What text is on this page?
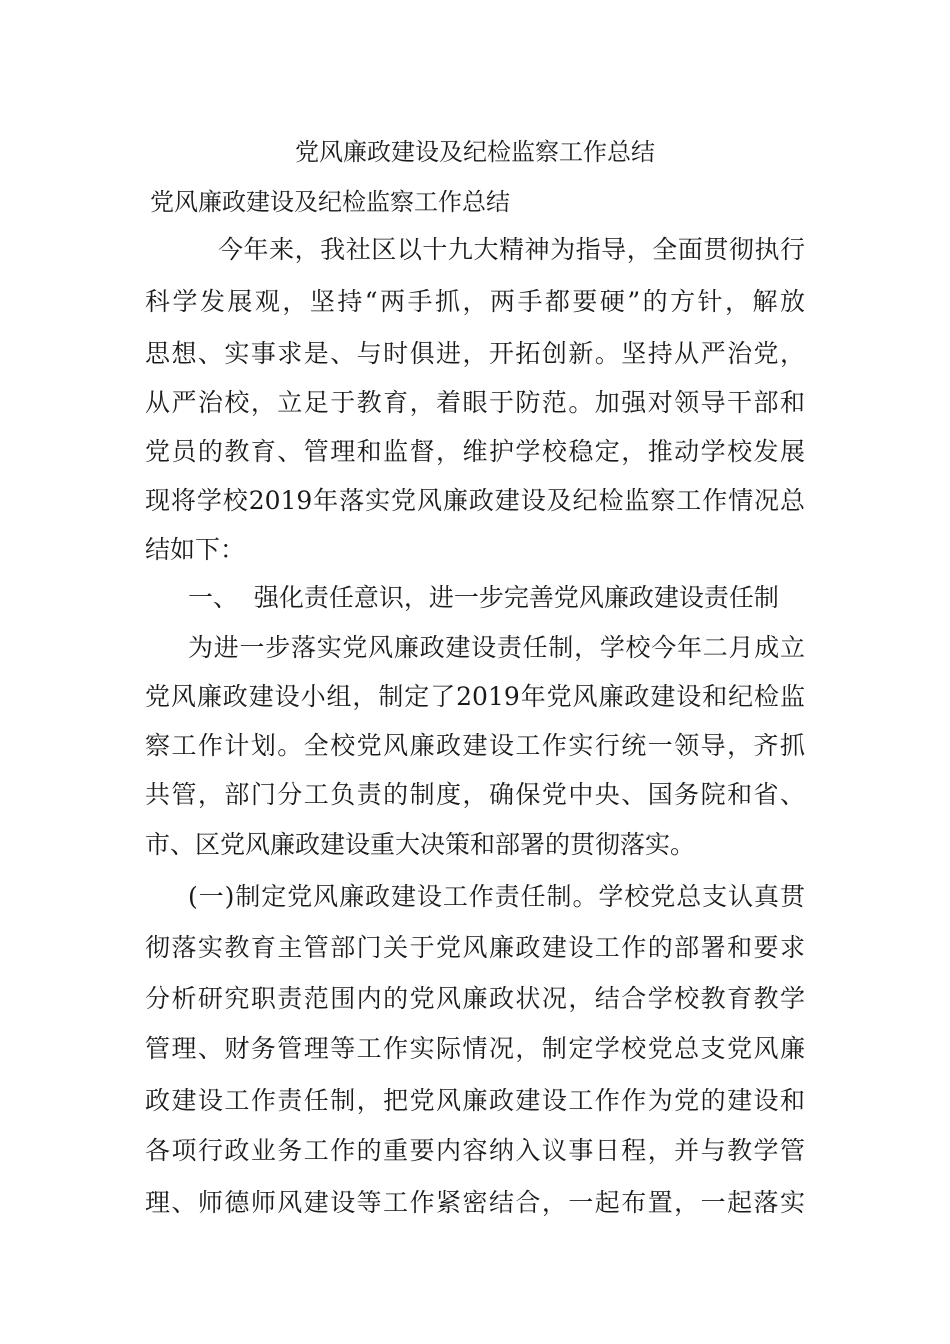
党风廉政建设及纪检监察工作总结
党风廉政建设及纪检监察工作总结
今年来，我社区以十九大精神为指导，全面贯彻执行
科学发展观，坚持“两手抓，两手都要硬”的方针，解放
思想、实事求是、与时俱进，开拓创新。坚持从严治党，
从严治校，立足于教育，着眼于防范。加强对领导干部和
党员的教育、管理和监督，维护学校稳定，推动学校发展
现将学校2019年落实党风廉政建设及纪检监察工作情况总
结如下：
一、  强化责任意识，进一步完善党风廉政建设责任制
为进一步落实党风廉政建设责任制，学校今年二月成立
党风廉政建设小组，制定了2019年党风廉政建设和纪检监
察工作计划。全校党风廉政建设工作实行统一领导，齐抓
共管，部门分工负责的制度，确保党中央、国务院和省、
市、区党风廉政建设重大决策和部署的贯彻落实。
(一)制定党风廉政建设工作责任制。学校党总支认真贯
彻落实教育主管部门关于党风廉政建设工作的部署和要求
分析研究职责范围内的党风廉政状况，结合学校教育教学
管理、财务管理等工作实际情况，制定学校党总支党风廉
政建设工作责任制，把党风廉政建设工作作为党的建设和
各项行政业务工作的重要内容纳入议事日程，并与教学管
理、师德师风建设等工作紧密结合，一起布置，一起落实
